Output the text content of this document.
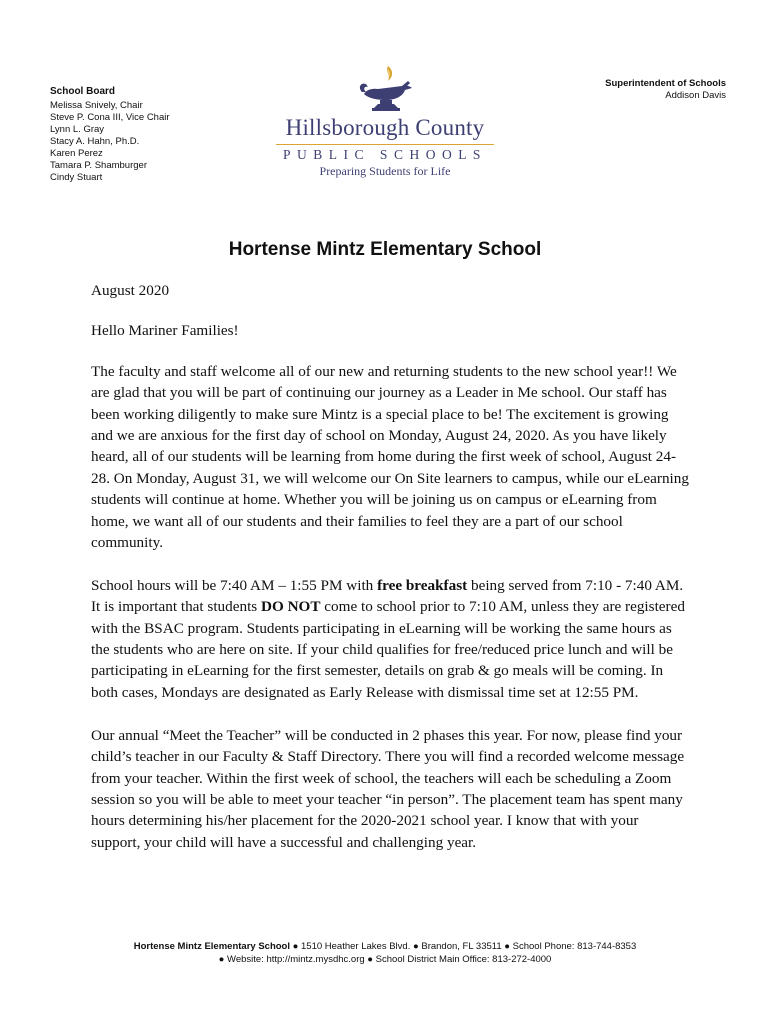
School Board
Melissa Snively, Chair
Steve P. Cona III, Vice Chair
Lynn L. Gray
Stacy A. Hahn, Ph.D.
Karen Perez
Tamara P. Shamburger
Cindy Stuart
Hillsborough County
PUBLIC SCHOOLS
Preparing Students for Life
Superintendent of Schools
Addison Davis
Hortense Mintz Elementary School

August 2020

Hello Mariner Families!

The faculty and staff welcome all of our new and returning students to the new school year!! We are glad that you will be part of continuing our journey as a Leader in Me school. Our staff has been working diligently to make sure Mintz is a special place to be! The excitement is growing and we are anxious for the first day of school on Monday, August 24, 2020. As you have likely heard, all of our students will be learning from home during the first week of school, August 24-28. On Monday, August 31, we will welcome our On Site learners to campus, while our eLearning students will continue at home. Whether you will be joining us on campus or eLearning from home, we want all of our students and their families to feel they are a part of our school community.

School hours will be 7:40 AM – 1:55 PM with free breakfast being served from 7:10 - 7:40 AM. It is important that students DO NOT come to school prior to 7:10 AM, unless they are registered with the BSAC program. Students participating in eLearning will be working the same hours as the students who are here on site. If your child qualifies for free/reduced price lunch and will be participating in eLearning for the first semester, details on grab & go meals will be coming. In both cases, Mondays are designated as Early Release with dismissal time set at 12:55 PM.

Our annual “Meet the Teacher” will be conducted in 2 phases this year. For now, please find your child’s teacher in our Faculty & Staff Directory. There you will find a recorded welcome message from your teacher. Within the first week of school, the teachers will each be scheduling a Zoom session so you will be able to meet your teacher “in person”. The placement team has spent many hours determining his/her placement for the 2020-2021 school year. I know that with your support, your child will have a successful and challenging year.

Hortense Mintz Elementary School ● 1510 Heather Lakes Blvd. ● Brandon, FL 33511 ● School Phone: 813-744-8353
● Website: http://mintz.mysdhc.org ● School District Main Office: 813-272-4000
